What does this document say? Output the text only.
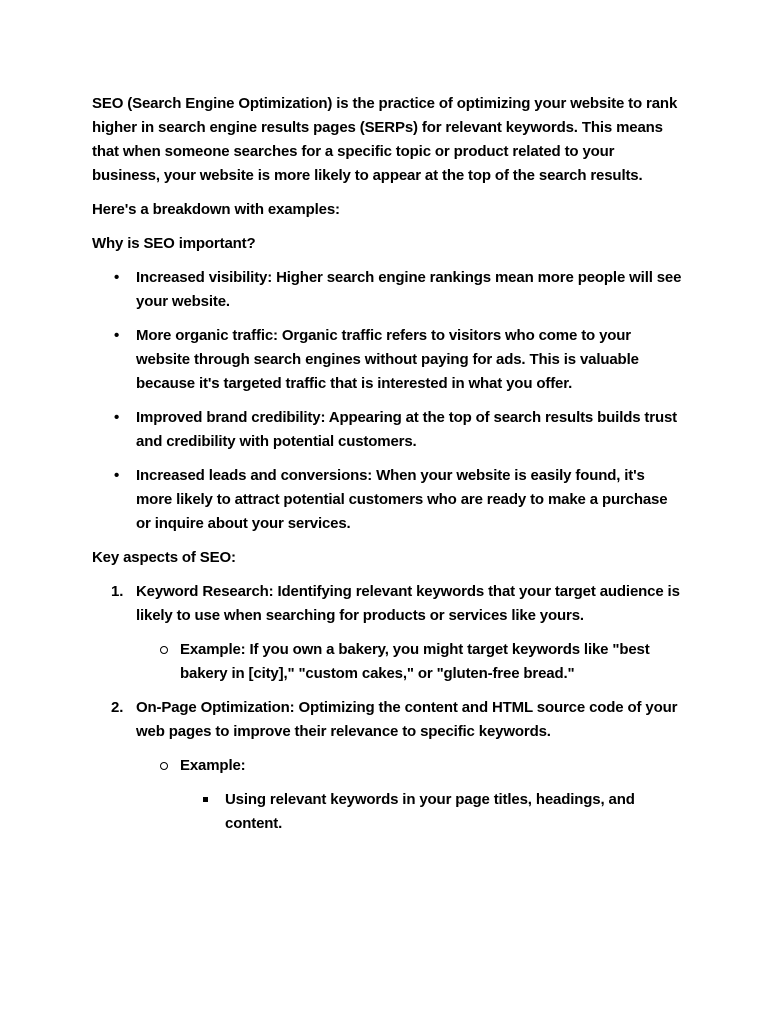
SEO (Search Engine Optimization) is the practice of optimizing your website to rank higher in search engine results pages (SERPs) for relevant keywords. This means that when someone searches for a specific topic or product related to your business, your website is more likely to appear at the top of the search results.

Here's a breakdown with examples:

Why is SEO important?

•	Increased visibility: Higher search engine rankings mean more people will see your website.
•	More organic traffic: Organic traffic refers to visitors who come to your website through search engines without paying for ads. This is valuable because it's targeted traffic that is interested in what you offer.
•	Improved brand credibility: Appearing at the top of search results builds trust and credibility with potential customers.
•	Increased leads and conversions: When your website is easily found, it's more likely to attract potential customers who are ready to make a purchase or inquire about your services.

Key aspects of SEO:

1. Keyword Research: Identifying relevant keywords that your target audience is likely to use when searching for products or services like yours.
Example: If you own a bakery, you might target keywords like "best bakery in [city]," "custom cakes," or "gluten-free bread."
2. On-Page Optimization: Optimizing the content and HTML source code of your web pages to improve their relevance to specific keywords.
Example:
Using relevant keywords in your page titles, headings, and content.
